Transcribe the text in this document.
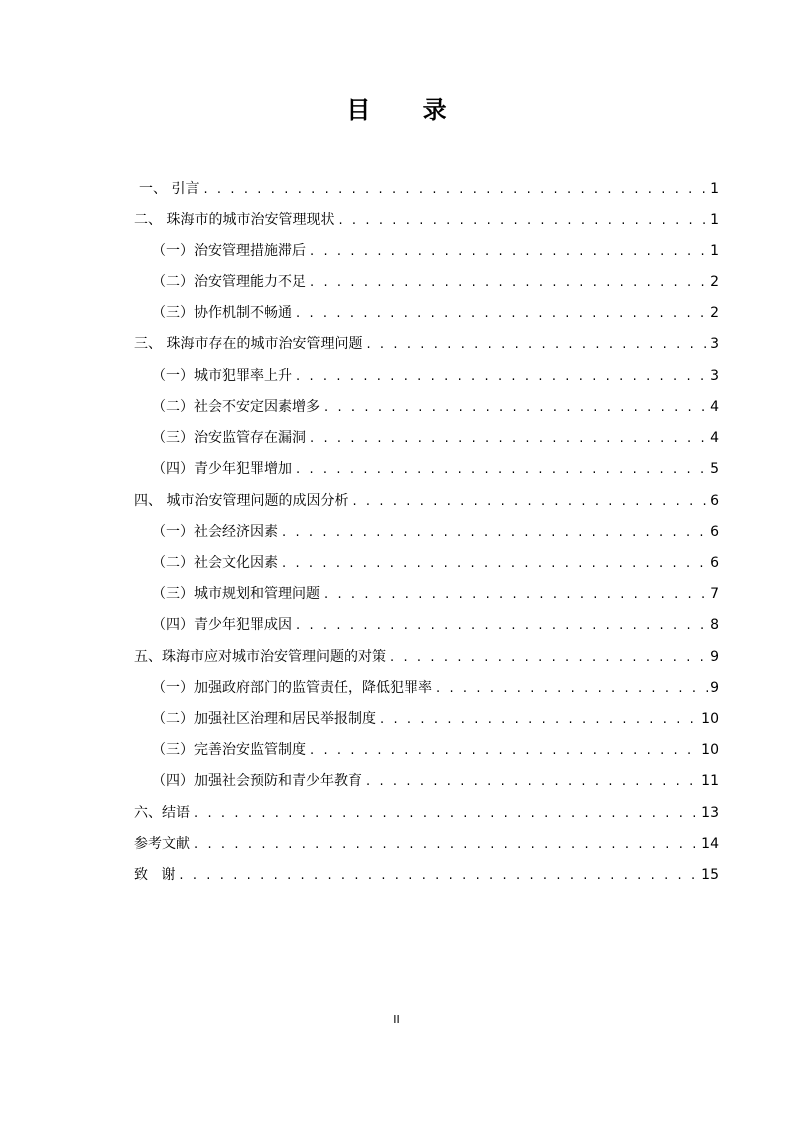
目 录
一、 引言 . . .	1
二、 珠海市的城市治安管理现状 . . .	1
（一）治安管理措施滞后 . . .	1
（二）治安管理能力不足 . . .	2
（三）协作机制不畅通 . . .	2
三、 珠海市存在的城市治安管理问题 . . .	3
（一）城市犯罪率上升 . . .	3
（二）社会不安定因素增多 . . .	4
（三）治安监管存在漏洞 . . .	4
（四）青少年犯罪增加 . . .	5
四、 城市治安管理问题的成因分析 . . .	6
（一）社会经济因素 . . .	6
（二）社会文化因素 . . .	6
（三）城市规划和管理问题 . . .	7
（四）青少年犯罪成因 . . .	8
五、珠海市应对城市治安管理问题的对策 . . .	9
（一）加强政府部门的监管责任，降低犯罪率 . . .	9
（二）加强社区治理和居民举报制度 . . .	10
（三）完善治安监管制度 . . .	10
（四）加强社会预防和青少年教育 . . .	11
六、结语 . . .	13
参考文献 . . .	14
致   谢 . . .	15
II
